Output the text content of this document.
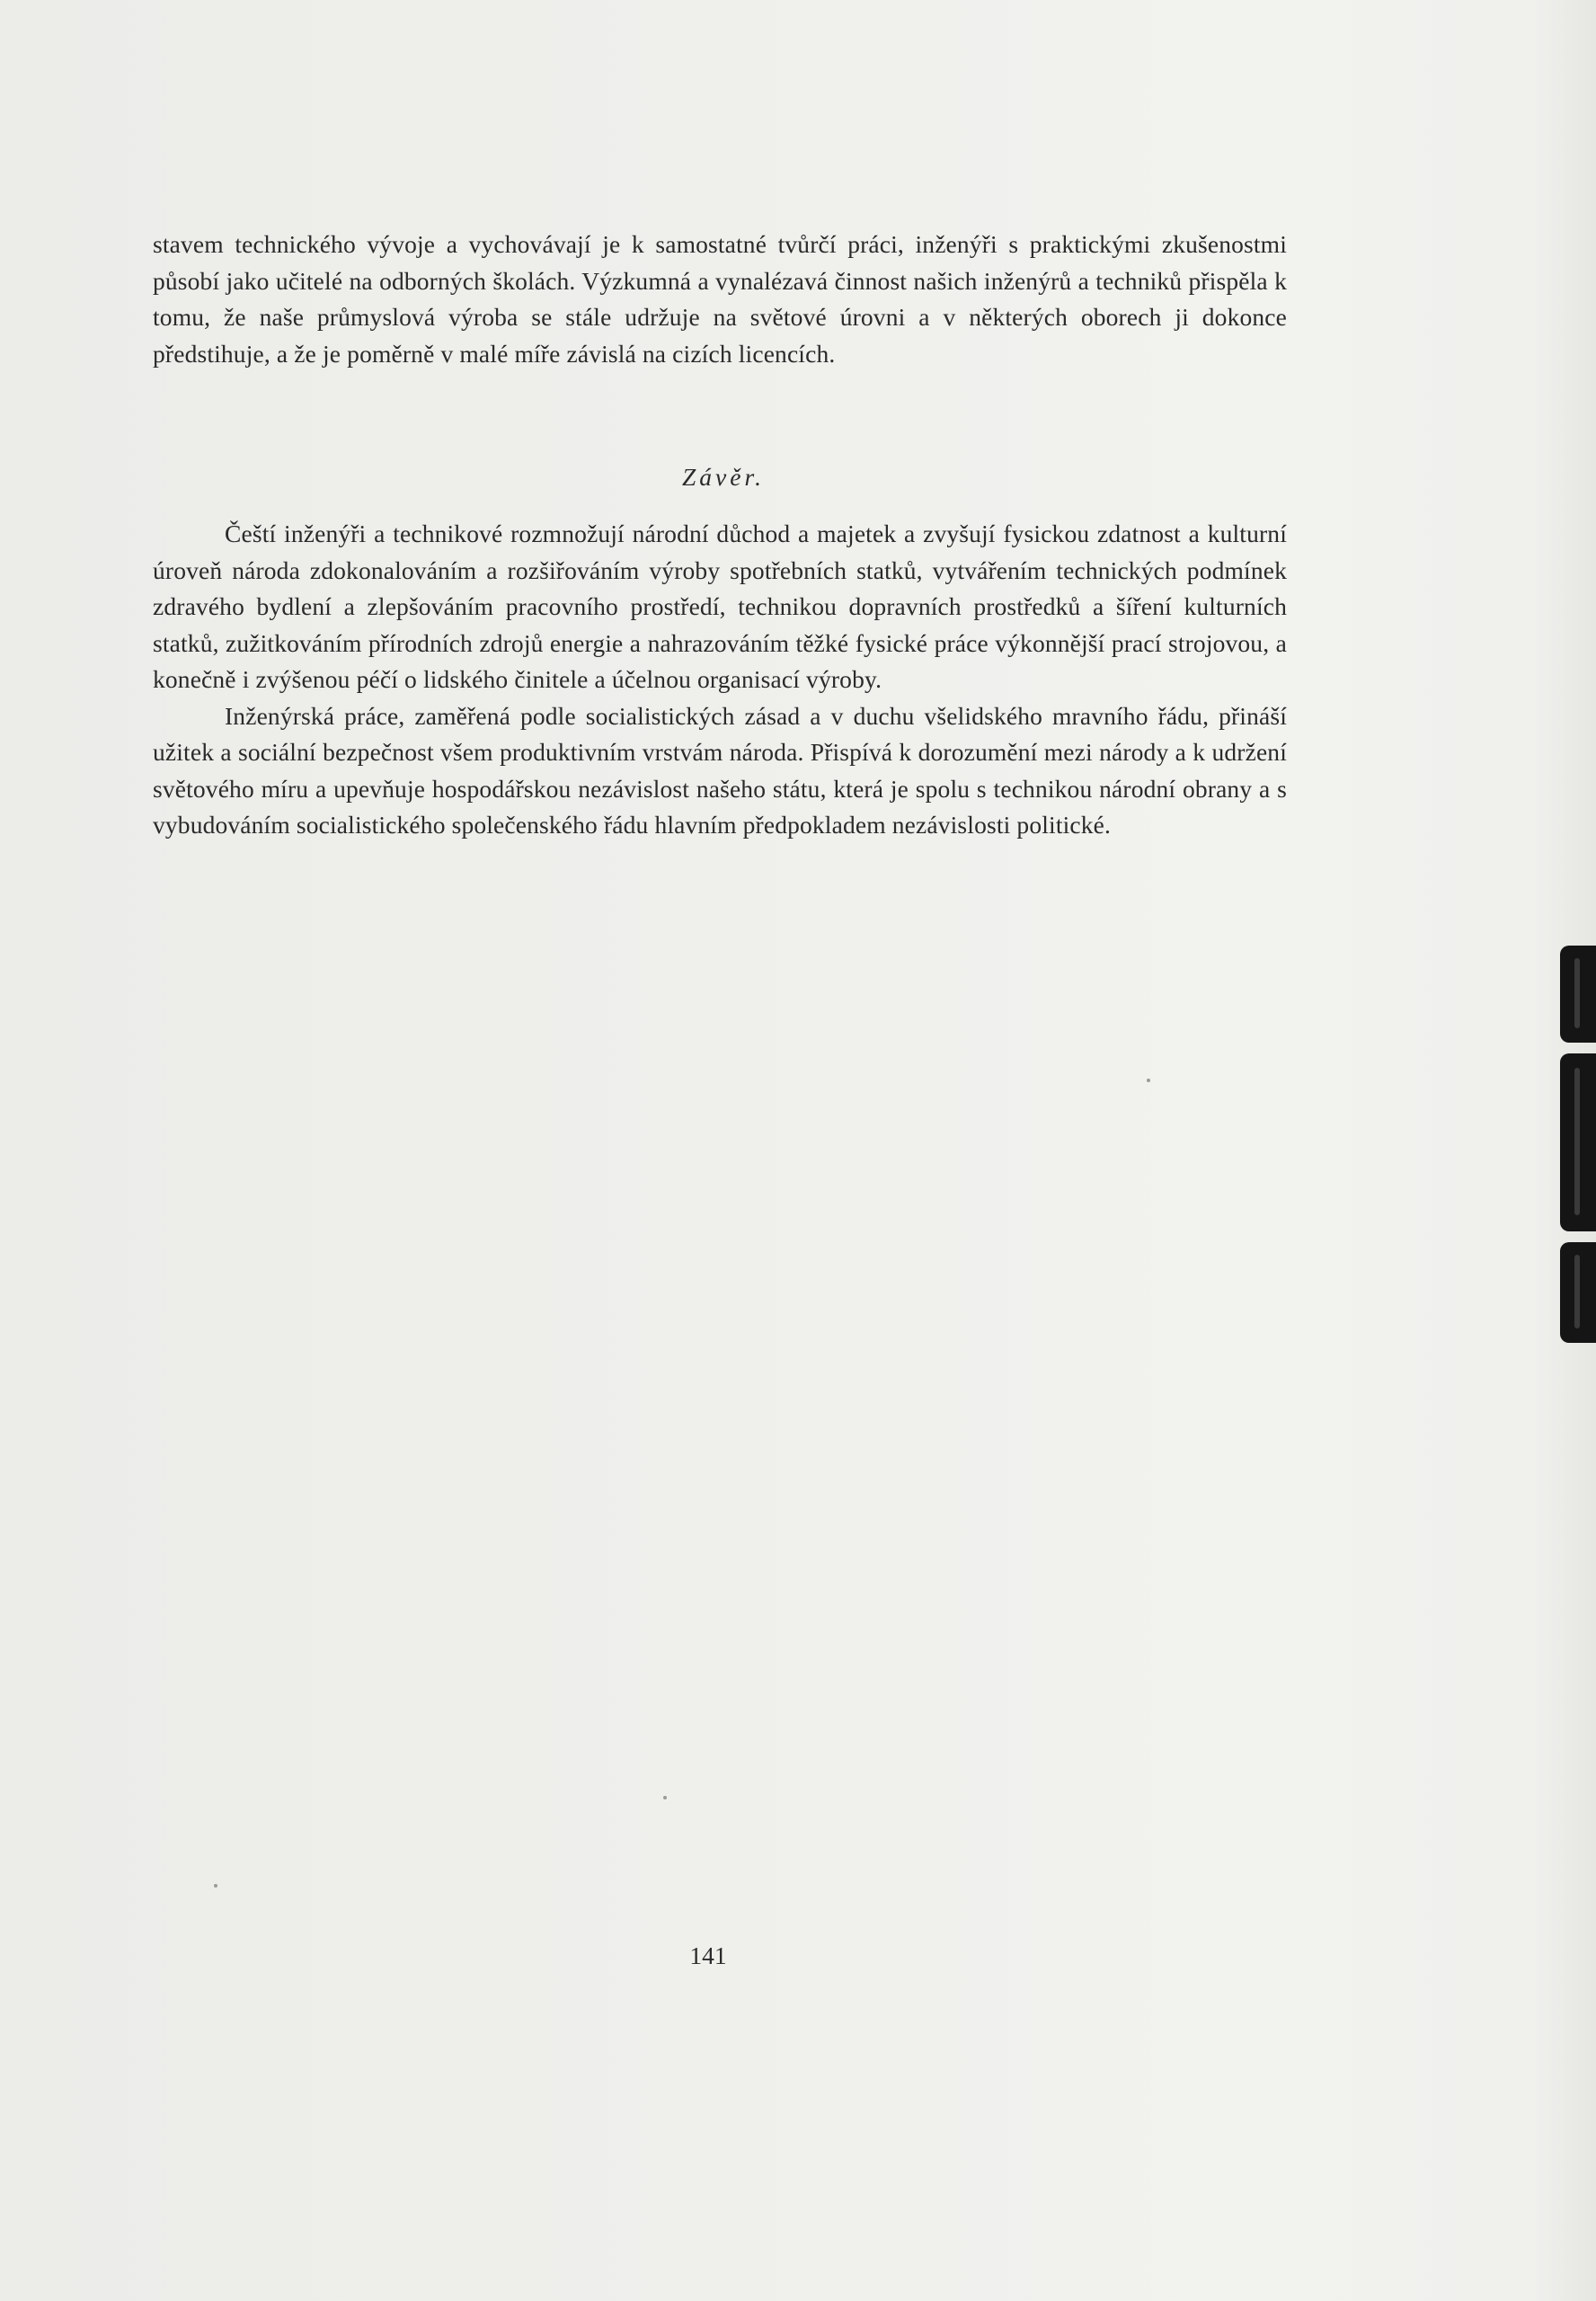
stavem technického vývoje a vychovávají je k samostatné tvůrčí práci, inženýři s praktickými zkušenostmi působí jako učitelé na odborných školách. Výzkumná a vynalézavá činnost našich inženýrů a techniků přispěla k tomu, že naše průmyslová výroba se stále udržuje na světové úrovni a v některých oborech ji dokonce předstihuje, a že je poměrně v malé míře závislá na cizích licencích.
Závěr.

Čeští inženýři a technikové rozmnožují národní důchod a majetek a zvyšují fysickou zdatnost a kulturní úroveň národa zdokonalováním a rozšiřováním výroby spotřebních statků, vytvářením technických podmínek zdravého bydlení a zlepšováním pracovního prostředí, technikou dopravních prostředků a šíření kulturních statků, zužitkováním přírodních zdrojů energie a nahrazováním těžké fysické práce výkonnější prací strojovou, a konečně i zvýšenou péčí o lidského činitele a účelnou organisací výroby.

Inženýrská práce, zaměřená podle socialistických zásad a v duchu všelidského mravního řádu, přináší užitek a sociální bezpečnost všem produktivním vrstvám národa. Přispívá k dorozumění mezi národy a k udržení světového míru a upevňuje hospodářskou nezávislost našeho státu, která je spolu s technikou národní obrany a s vybudováním socialistického společenského řádu hlavním předpokladem nezávislosti politické.

141
